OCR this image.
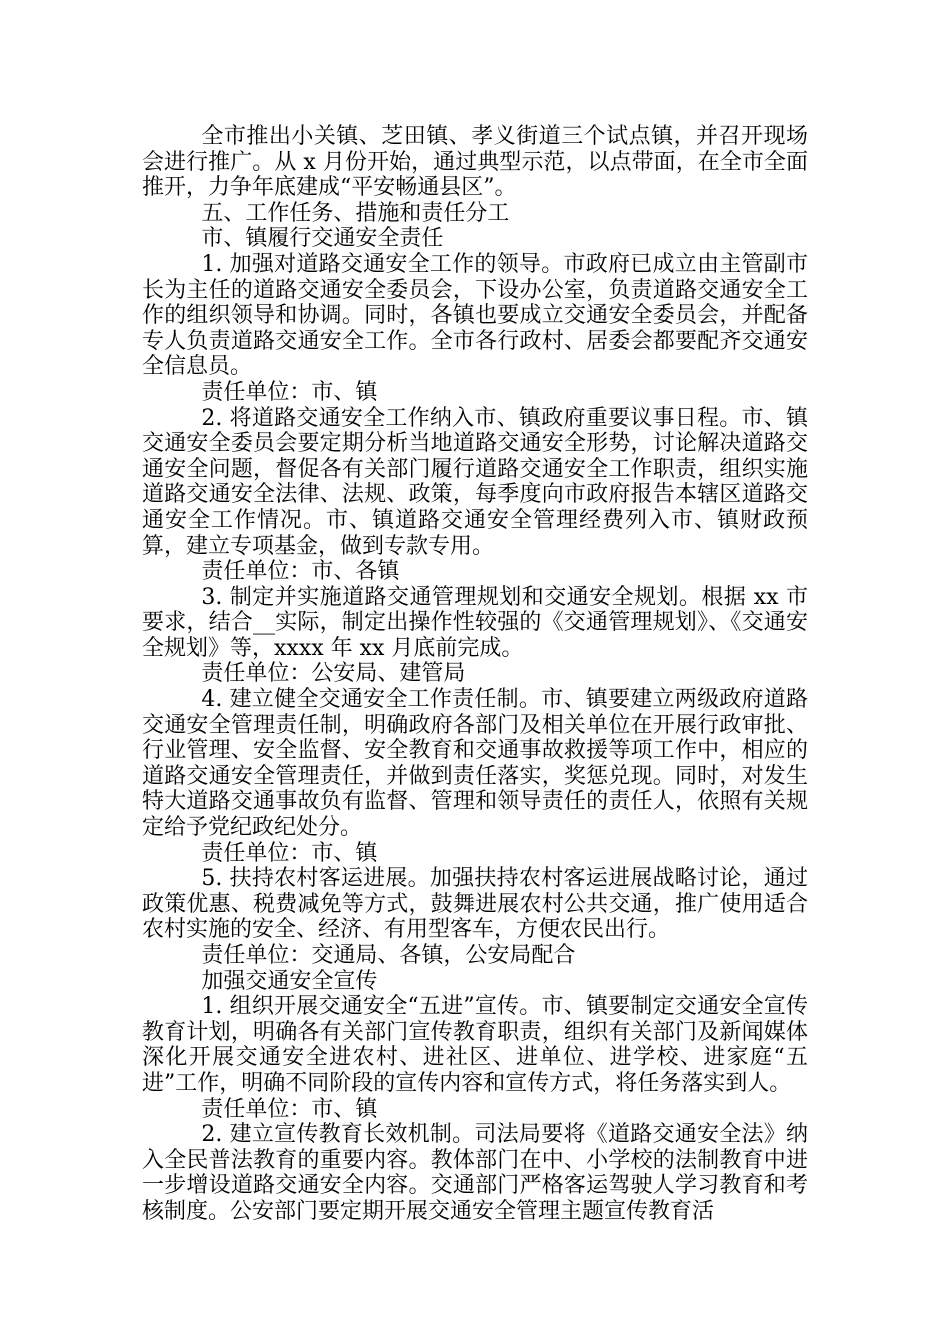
全市推出小关镇、芝田镇、孝义街道三个试点镇，并召开现场会进行推广。从 x 月份开始，通过典型示范，以点带面，在全市全面推开，力争年底建成“平安畅通县区”。

五、工作任务、措施和责任分工

市、镇履行交通安全责任

1. 加强对道路交通安全工作的领导。市政府已成立由主管副市长为主任的道路交通安全委员会，下设办公室，负责道路交通安全工作的组织领导和协调。同时，各镇也要成立交通安全委员会，并配备专人负责道路交通安全工作。全市各行政村、居委会都要配齐交通安全信息员。

责任单位：市、镇

2. 将道路交通安全工作纳入市、镇政府重要议事日程。市、镇交通安全委员会要定期分析当地道路交通安全形势，讨论解决道路交通安全问题，督促各有关部门履行道路交通安全工作职责，组织实施道路交通安全法律、法规、政策，每季度向市政府报告本辖区道路交通安全工作情况。市、镇道路交通安全管理经费列入市、镇财政预算，建立专项基金，做到专款专用。

责任单位：市、各镇

3. 制定并实施道路交通管理规划和交通安全规划。根据 xx 市要求，结合__实际，制定出操作性较强的《交通管理规划》、《交通安全规划》等，xxxx 年 xx 月底前完成。

责任单位：公安局、建管局

4. 建立健全交通安全工作责任制。市、镇要建立两级政府道路交通安全管理责任制，明确政府各部门及相关单位在开展行政审批、行业管理、安全监督、安全教育和交通事故救援等项工作中，相应的道路交通安全管理责任，并做到责任落实，奖惩兑现。同时，对发生特大道路交通事故负有监督、管理和领导责任的责任人，依照有关规定给予党纪政纪处分。

责任单位：市、镇

5. 扶持农村客运进展。加强扶持农村客运进展战略讨论，通过政策优惠、税费减免等方式，鼓舞进展农村公共交通，推广使用适合农村实施的安全、经济、有用型客车，方便农民出行。

责任单位：交通局、各镇，公安局配合

加强交通安全宣传

1. 组织开展交通安全“五进”宣传。市、镇要制定交通安全宣传教育计划，明确各有关部门宣传教育职责，组织有关部门及新闻媒体深化开展交通安全进农村、进社区、进单位、进学校、进家庭“五进”工作，明确不同阶段的宣传内容和宣传方式，将任务落实到人。

责任单位：市、镇

2. 建立宣传教育长效机制。司法局要将《道路交通安全法》纳入全民普法教育的重要内容。教体部门在中、小学校的法制教育中进一步增设道路交通安全内容。交通部门严格客运驾驶人学习教育和考核制度。公安部门要定期开展交通安全管理主题宣传教育活
